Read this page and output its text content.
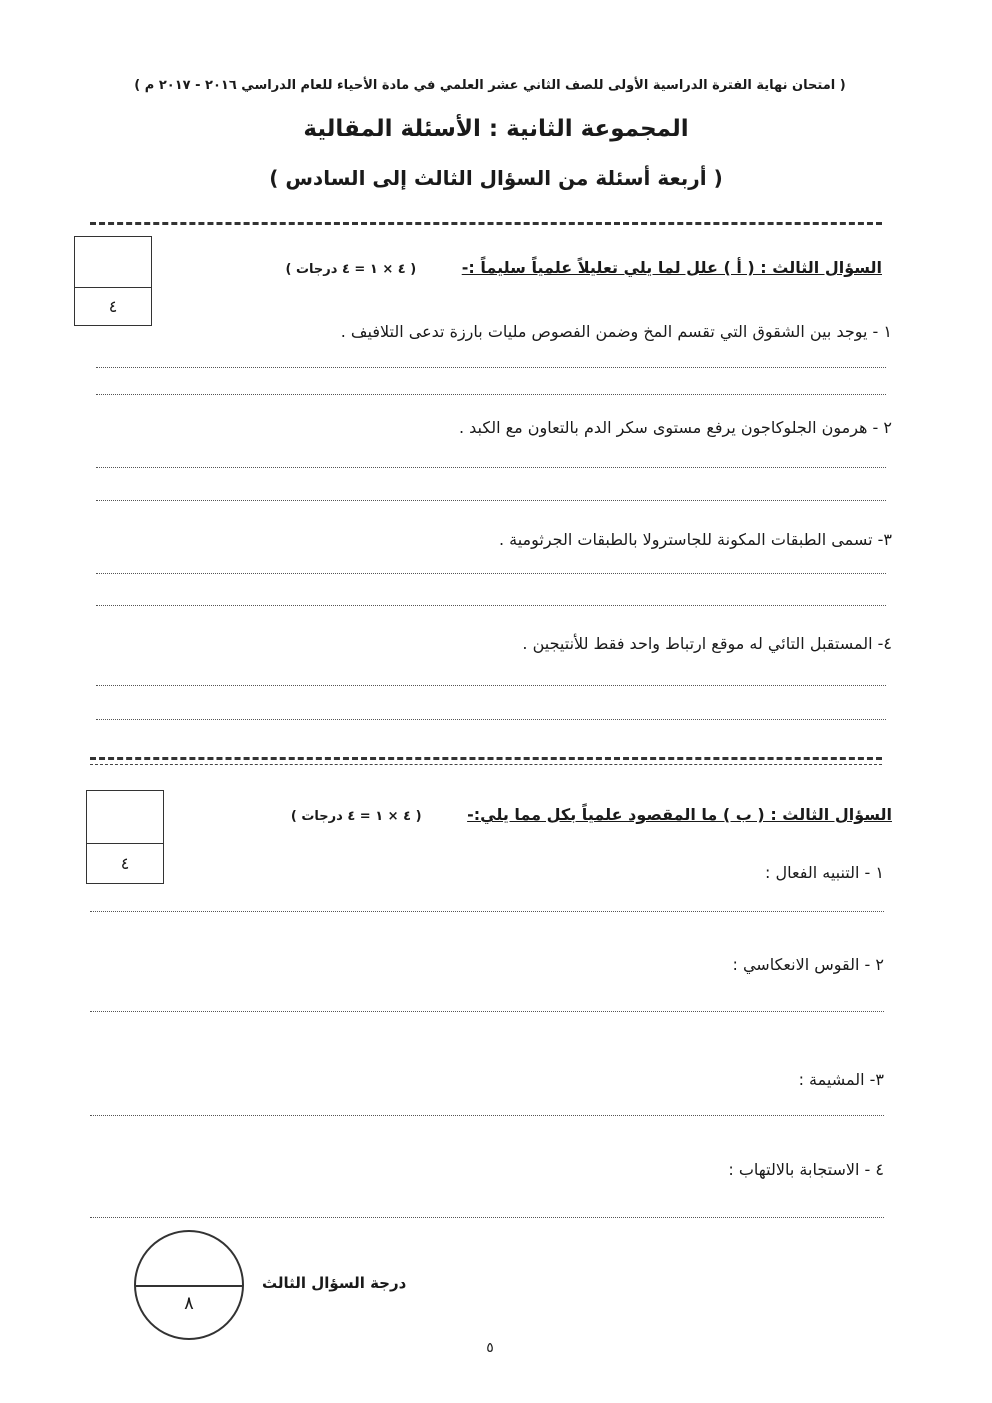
( امتحان نهاية الفترة الدراسية الأولى للصف الثاني عشر العلمي في مادة الأحياء للعام الدراسي ٢٠١٦ - ٢٠١٧ م )
المجموعة الثانية : الأسئلة المقالية
( أربعة أسئلة من السؤال الثالث إلى السادس )
٤
السؤال الثالث : ( أ ) علل لما يلي تعليلاً علمياً سليماً :- ( ٤ × ١ = ٤ درجات )
١ - يوجد بين الشقوق التي تقسم المخ وضمن الفصوص مليات بارزة تدعى التلافيف .
٢ - هرمون الجلوكاجون يرفع مستوى سكر الدم بالتعاون مع الكبد .
٣- تسمى الطبقات المكونة للجاسترولا بالطبقات الجرثومية .
٤- المستقبل التائي له موقع ارتباط واحد فقط للأنتيجين .
٤
السؤال الثالث : ( ب ) ما المقصود علمياً بكل مما يلي:- ( ٤ × ١ = ٤ درجات )
١ - التنبيه الفعال :
٢ - القوس الانعكاسي :
٣- المشيمة :
٤ - الاستجابة بالالتهاب :
٨
درجة السؤال الثالث
٥
